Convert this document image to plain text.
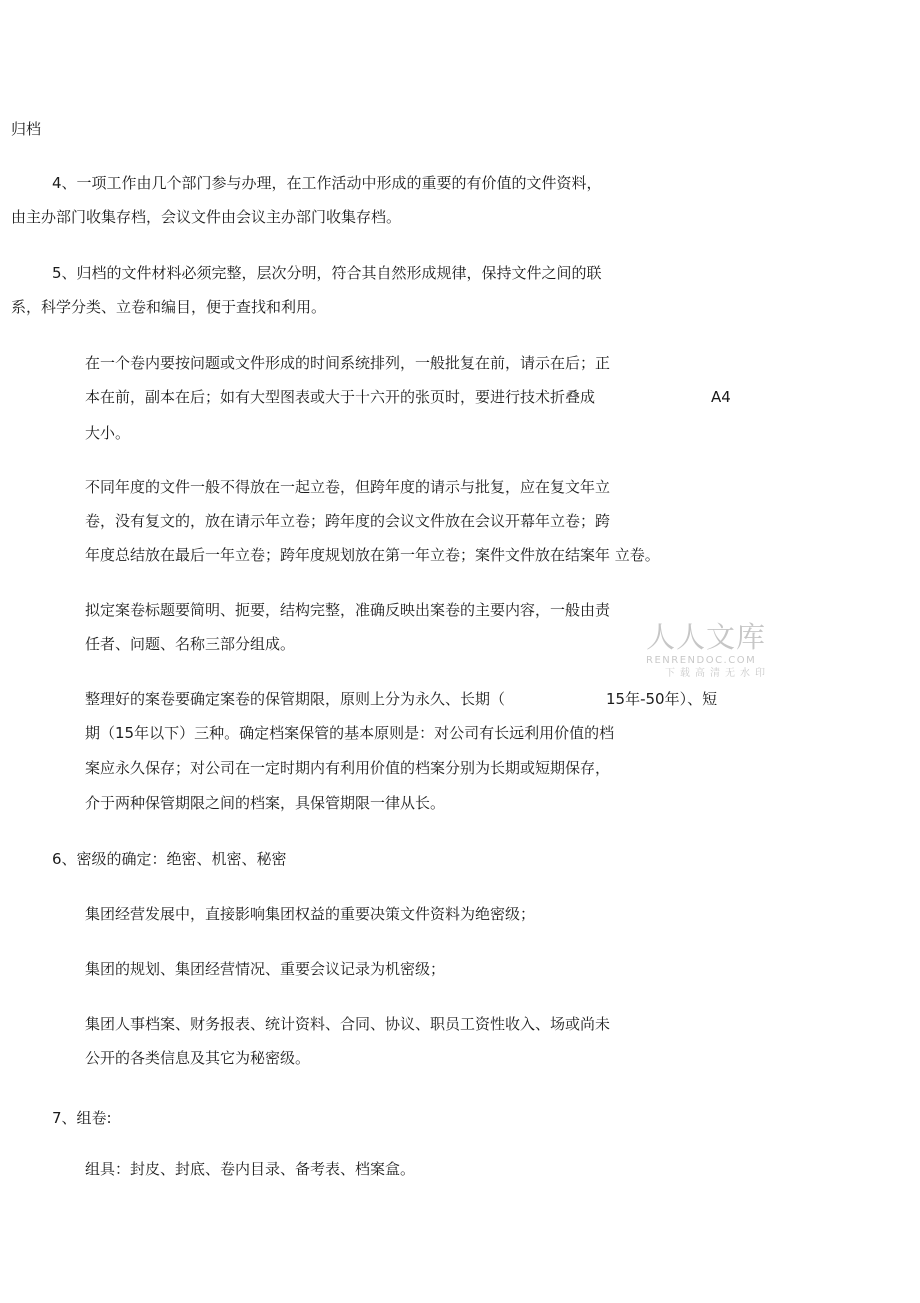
归档
4、一项工作由几个部门参与办理，在工作活动中形成的重要的有价值的文件资料，
由主办部门收集存档，会议文件由会议主办部门收集存档。
5、归档的文件材料必须完整，层次分明，符合其自然形成规律，保持文件之间的联
系，科学分类、立卷和编目，便于查找和利用。
在一个卷内要按问题或文件形成的时间系统排列，一般批复在前，请示在后；正
本在前，副本在后；如有大型图表或大于十六开的张页时，要进行技术折叠成	A4
大小。
不同年度的文件一般不得放在一起立卷，但跨年度的请示与批复，应在复文年立
卷，没有复文的，放在请示年立卷；跨年度的会议文件放在会议开幕年立卷；跨
年度总结放在最后一年立卷；跨年度规划放在第一年立卷；案件文件放在结案年 立卷。
拟定案卷标题要简明、扼要，结构完整，准确反映出案卷的主要内容，一般由责
任者、问题、名称三部分组成。
整理好的案卷要确定案卷的保管期限，原则上分为永久、长期（	15年-50年）、短
期（15年以下）三种。确定档案保管的基本原则是：对公司有长远利用价值的档
案应永久保存；对公司在一定时期内有利用价值的档案分别为长期或短期保存，
介于两种保管期限之间的档案，具保管期限一律从长。
6、密级的确定：绝密、机密、秘密
集团经营发展中，直接影响集团权益的重要决策文件资料为绝密级；
集团的规划、集团经营情况、重要会议记录为机密级；
集团人事档案、财务报表、统计资料、合同、协议、职员工资性收入、场或尚未
公开的各类信息及其它为秘密级。
7、组卷:
组具：封皮、封底、卷内目录、备考表、档案盒。
人人文库
RENRENDOC.COM
下载高清无水印
